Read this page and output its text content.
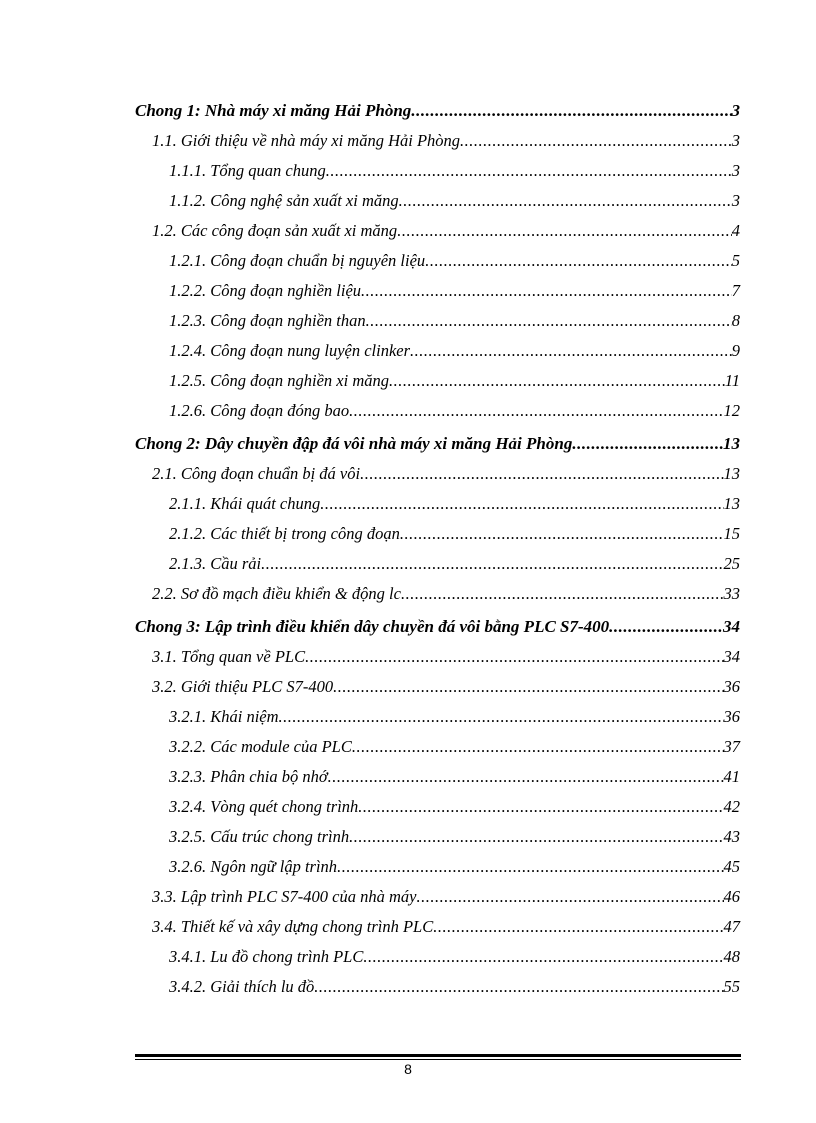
Chong 1: Nhà máy xi măng Hải Phòng .....	3
1.1. Giới thiệu về nhà máy xi măng Hải Phòng .....	3
1.1.1. Tổng quan chung .....	3
1.1.2. Công nghệ sản xuất xi măng .....	3
1.2. Các công đoạn sản xuất xi măng .....	4
1.2.1. Công đoạn chuẩn bị nguyên liệu .....	5
1.2.2. Công đoạn nghiền liệu .....	7
1.2.3. Công đoạn nghiền than .....	8
1.2.4. Công đoạn nung luyện clinker .....	9
1.2.5. Công đoạn nghiền xi măng .....	11
1.2.6. Công đoạn đóng bao .....	12
Chong 2: Dây chuyền đập đá vôi nhà máy xi măng Hải Phòng .....	13
2.1. Công đoạn chuẩn bị đá vôi .....	13
2.1.1. Khái quát chung .....	13
2.1.2. Các thiết bị trong công đoạn .....	15
2.1.3. Cầu rải .....	25
2.2. Sơ đồ mạch điều khiển & động lc .....	33
Chong 3: Lập trình điều khiển dây chuyền đá vôi bằng PLC S7-400 .....	34
3.1. Tổng quan về PLC .....	34
3.2. Giới thiệu PLC S7-400 .....	36
3.2.1. Khái niệm .....	36
3.2.2. Các module của PLC .....	37
3.2.3. Phân chia bộ nhớ .....	41
3.2.4. Vòng quét chong trình .....	42
3.2.5. Cấu trúc chong trình .....	43
3.2.6. Ngôn ngữ lập trình .....	45
3.3. Lập trình PLC S7-400 của nhà máy .....	46
3.4. Thiết kế và xây dựng chong trình PLC .....	47
3.4.1. Lu đồ chong trình PLC .....	48
3.4.2. Giải thích lu đồ .....	55
8
